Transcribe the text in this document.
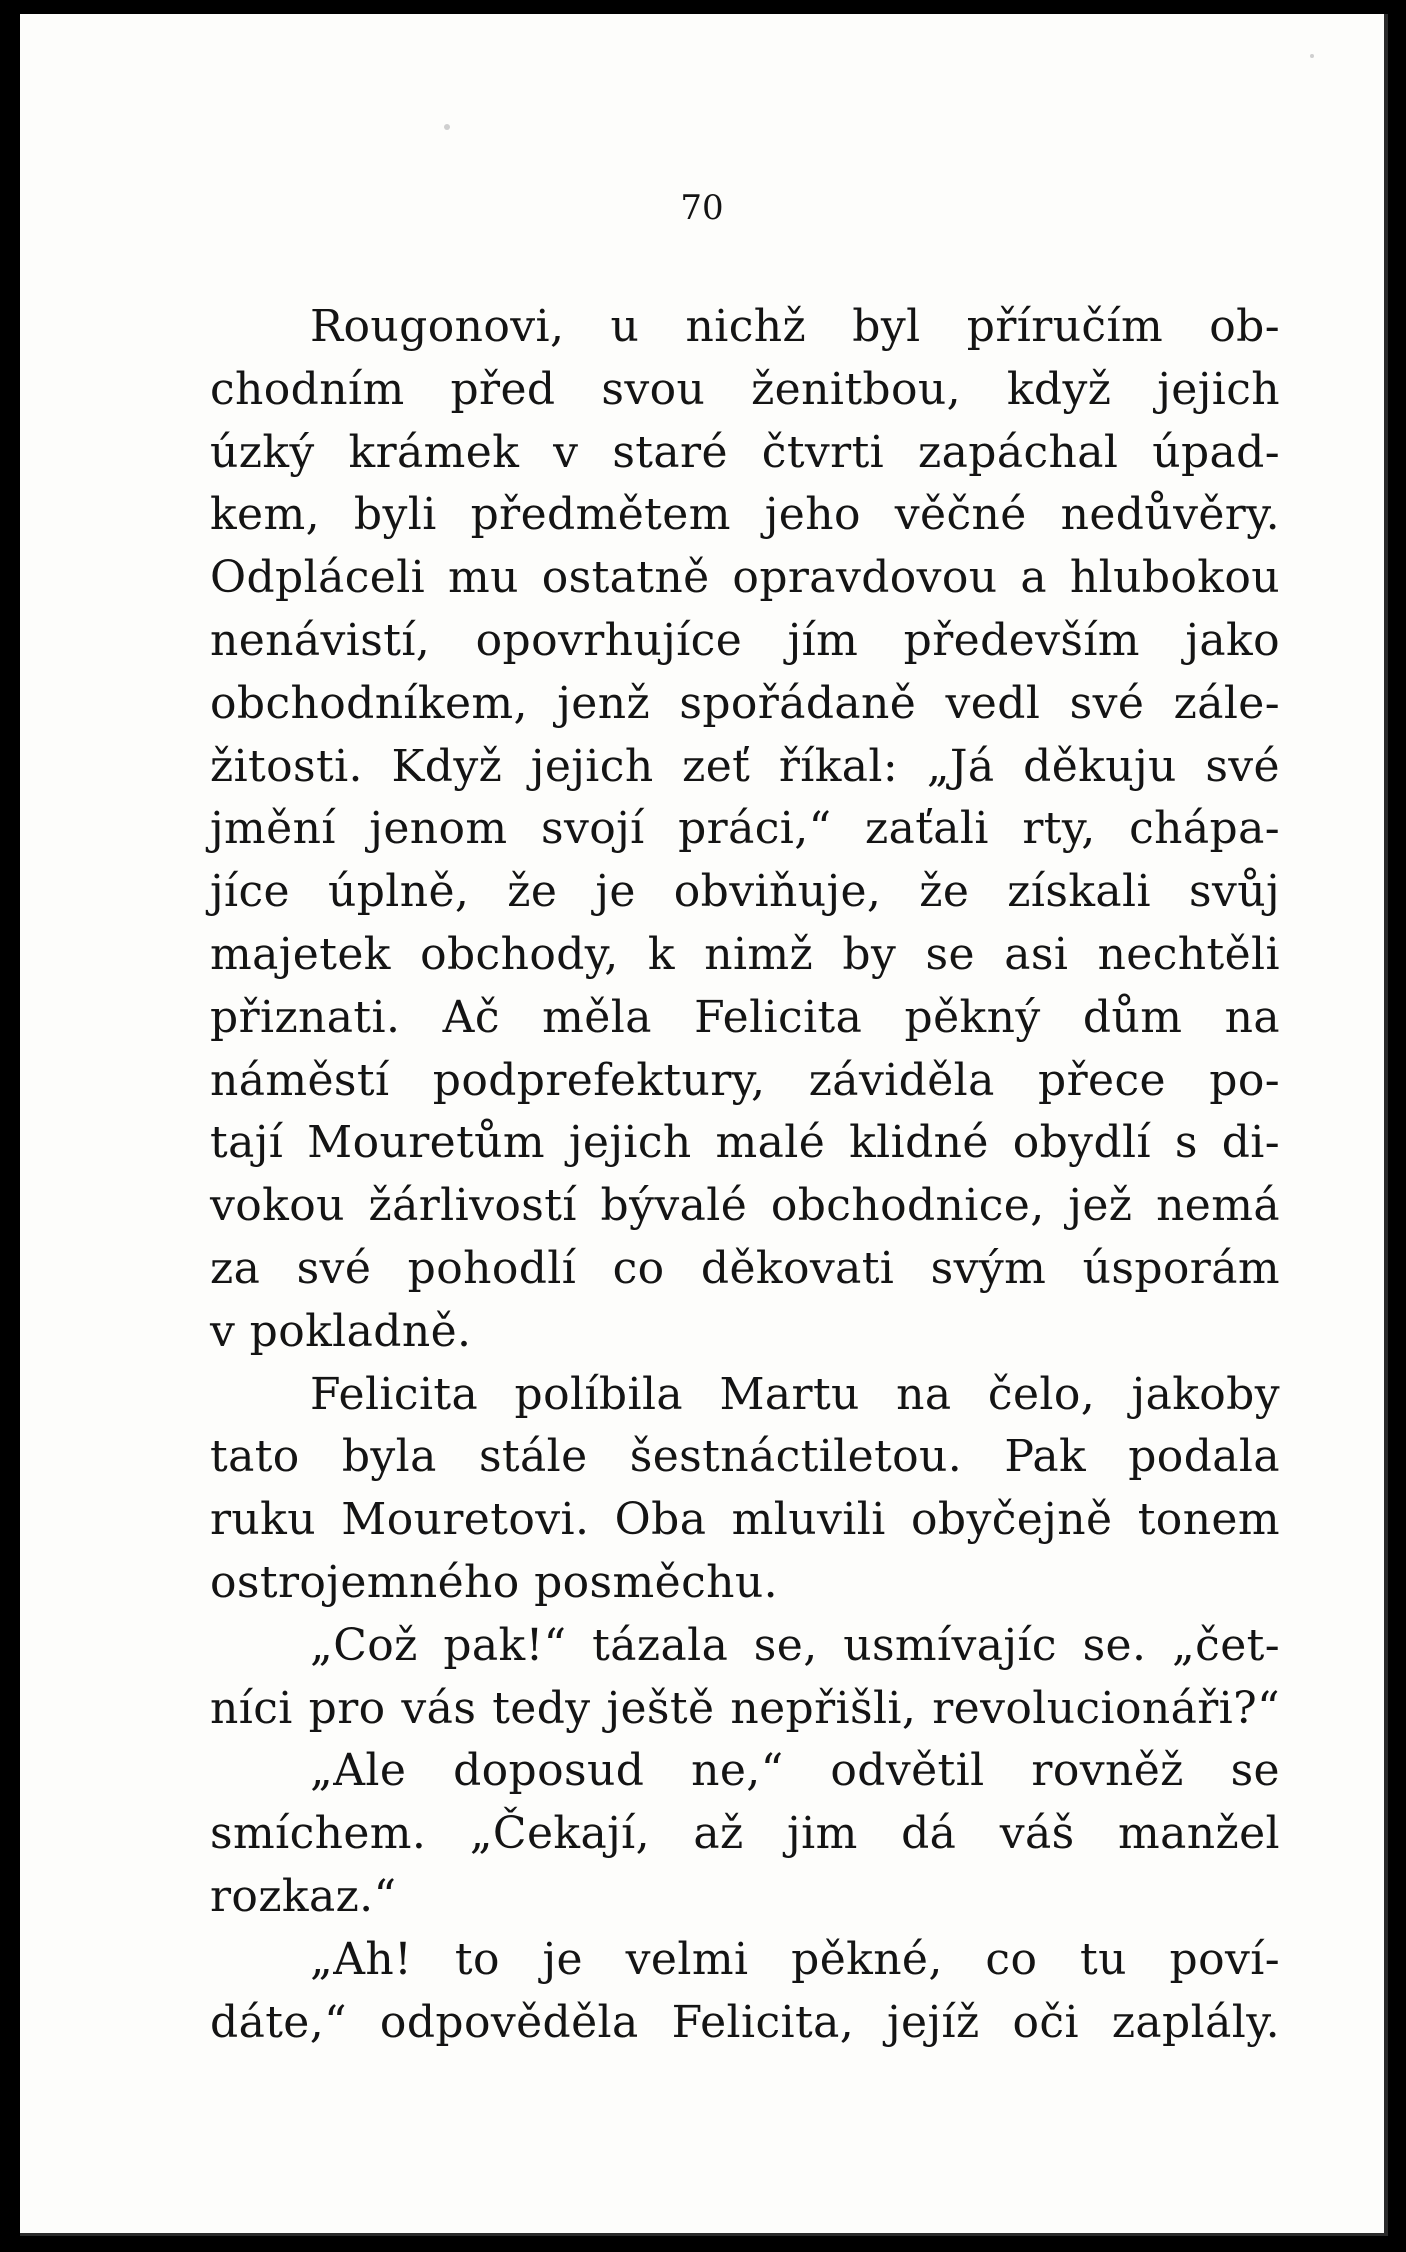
70
Rougonovi, u nichž byl příručím ob-
chodním před svou ženitbou, když jejich
úzký krámek v staré čtvrti zapáchal úpad-
kem, byli předmětem jeho věčné nedůvěry.
Odpláceli mu ostatně opravdovou a hlubokou
nenávistí, opovrhujíce jím především jako
obchodníkem, jenž spořádaně vedl své zále-
žitosti. Když jejich zeť říkal: „Já děkuju své
jmění jenom svojí práci,“ zaťali rty, chápa-
jíce úplně, že je obviňuje, že získali svůj
majetek obchody, k nimž by se asi nechtěli
přiznati. Ač měla Felicita pěkný dům na
náměstí podprefektury, záviděla přece po-
tají Mouretům jejich malé klidné obydlí s di-
vokou žárlivostí bývalé obchodnice, jež nemá
za své pohodlí co děkovati svým úsporám
v pokladně.
Felicita políbila Martu na čelo, jakoby
tato byla stále šestnáctiletou. Pak podala
ruku Mouretovi. Oba mluvili obyčejně tonem
ostrojemného posměchu.
„Což pak!“ tázala se, usmívajíc se. „čet-
níci pro vás tedy ještě nepřišli, revolucionáři?“
„Ale doposud ne,“ odvětil rovněž se
smíchem. „Čekají, až jim dá váš manžel
rozkaz.“
„Ah! to je velmi pěkné, co tu poví-
dáte,“ odpověděla Felicita, jejíž oči zaplály.
